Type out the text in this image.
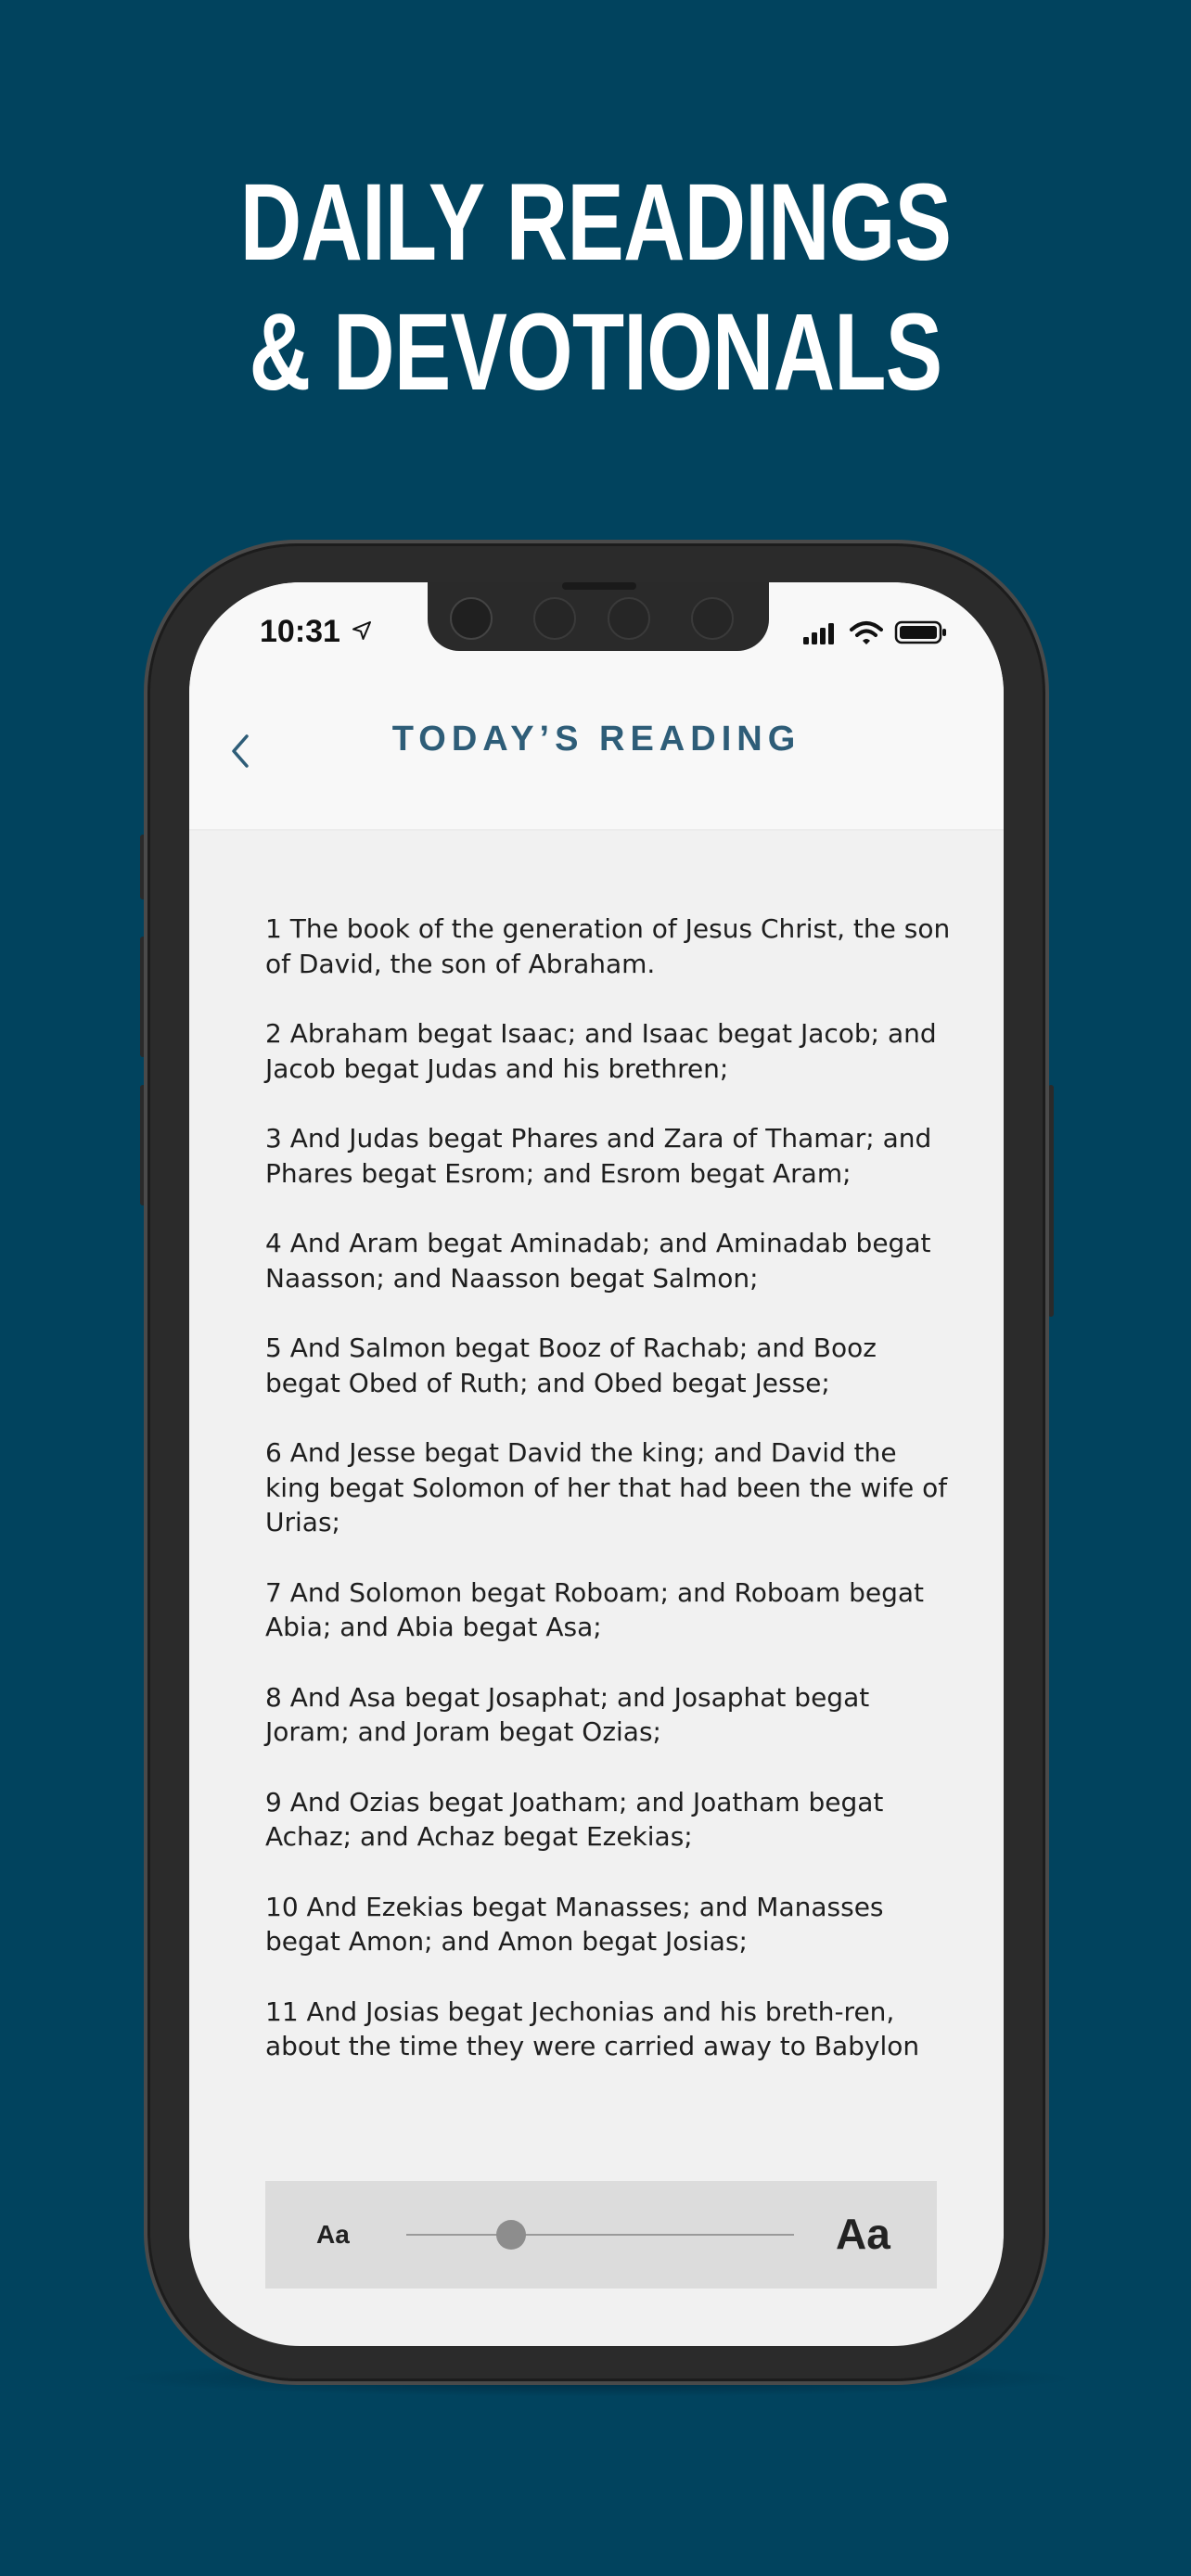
DAILY READINGS
& DEVOTIONALS
10:31
TODAY’S READING

1 The book of the generation of Jesus Christ, the son of David, the son of Abraham.

2 Abraham begat Isaac; and Isaac begat Jacob; and Jacob begat Judas and his brethren;

3 And Judas begat Phares and Zara of Thamar; and Phares begat Esrom; and Esrom begat Aram;

4 And Aram begat Aminadab; and Aminadab begat Naasson; and Naasson begat Salmon;

5 And Salmon begat Booz of Rachab; and Booz begat Obed of Ruth; and Obed begat Jesse;

6 And Jesse begat David the king; and David the king begat Solomon of her that had been the wife of Urias;

7 And Solomon begat Roboam; and Roboam begat Abia; and Abia begat Asa;

8 And Asa begat Josaphat; and Josaphat begat Joram; and Joram begat Ozias;

9 And Ozias begat Joatham; and Joatham begat Achaz; and Achaz begat Ezekias;

10 And Ezekias begat Manasses; and Manasses begat Amon; and Amon begat Josias;

11 And Josias begat Jechonias and his breth-ren, about the time they were carried away to Babylon

Aa	Aa
